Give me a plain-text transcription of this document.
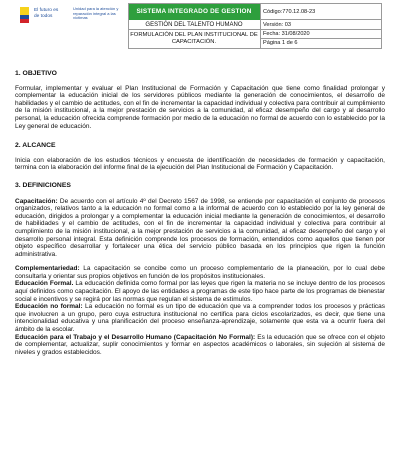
El futuro es de todos
Unidad para la atención y reparación integral a las víctimas
SISTEMA INTEGRADO DE GESTION	Código:770.12.08-23
GESTIÓN DEL TALENTO HUMANO	Versión: 03
FORMULACIÓN DEL PLAN INSTITUCIONAL DE CAPACITACIÓN.
Fecha: 31/08/2020
Página 1 de 6

1. OBJETIVO

Formular, implementar y evaluar el Plan Institucional de Formación y Capacitación que tiene como finalidad prolongar y complementar la educación inicial de los servidores públicos mediante la generación de conocimientos, el desarrollo de habilidades y el cambio de actitudes, con el fin de incrementar la capacidad individual y colectiva para contribuir al cumplimiento de la misión institucional, a la mejor prestación de servicios a la comunidad, al eficaz desempeño del cargo y al desarrollo personal, la educación ofrecida comprende formación por medio de la educación no formal de acuerdo con lo establecido por la Ley general de educación.

2. ALCANCE

Inicia con elaboración de los estudios técnicos y encuesta de identificación de necesidades de formación y capacitación, termina con la elaboración del informe final de la ejecución del Plan Institucional de Formación y Capacitación.

3. DEFINICIONES

Capacitación: De acuerdo con el artículo 4º del Decreto 1567 de 1998, se entiende por capacitación el conjunto de procesos organizados, relativos tanto a la educación no formal como a la informal de acuerdo con lo establecido por la ley general de educación, dirigidos a prolongar y a complementar la educación inicial mediante la generación de conocimientos, el desarrollo de habilidades y el cambio de actitudes, con el fin de incrementar la capacidad individual y colectiva para contribuir al cumplimiento de la misión institucional, a la mejor prestación de servicios a la comunidad, al eficaz desempeño del cargo y el desarrollo personal integral. Esta definición comprende los procesos de formación, entendidos como aquellos que tienen por objeto específico desarrollar y fortalecer una ética del servicio público basada en los principios que rigen la función administrativa.

Complementariedad: La capacitación se concibe como un proceso complementario de la planeación, por lo cual debe consultarla y orientar sus propios objetivos en función de los propósitos institucionales.

Educación Formal. La educación definida como formal por las leyes que rigen la materia no se incluye dentro de los procesos aquí definidos como capacitación. El apoyo de las entidades a programas de este tipo hace parte de los programas de bienestar social e incentivos y se regirá por las normas que regulan el sistema de estímulos.

Educación no formal: La educación no formal es un tipo de educación que va a comprender todos los procesos y prácticas que involucren a un grupo, pero cuya estructura institucional no certifica para ciclos escolarizados, es decir, que tiene una intencionalidad educativa y una planificación del proceso enseñanza-aprendizaje, solamente que esta va a ocurrir fuera del ámbito de la escolar.

Educación para el Trabajo y el Desarrollo Humano (Capacitación No Formal): Es la educación que se ofrece con el objeto de complementar, actualizar, suplir conocimientos y formar en aspectos académicos o laborales, sin sujeción al sistema de niveles y grados establecidos.
